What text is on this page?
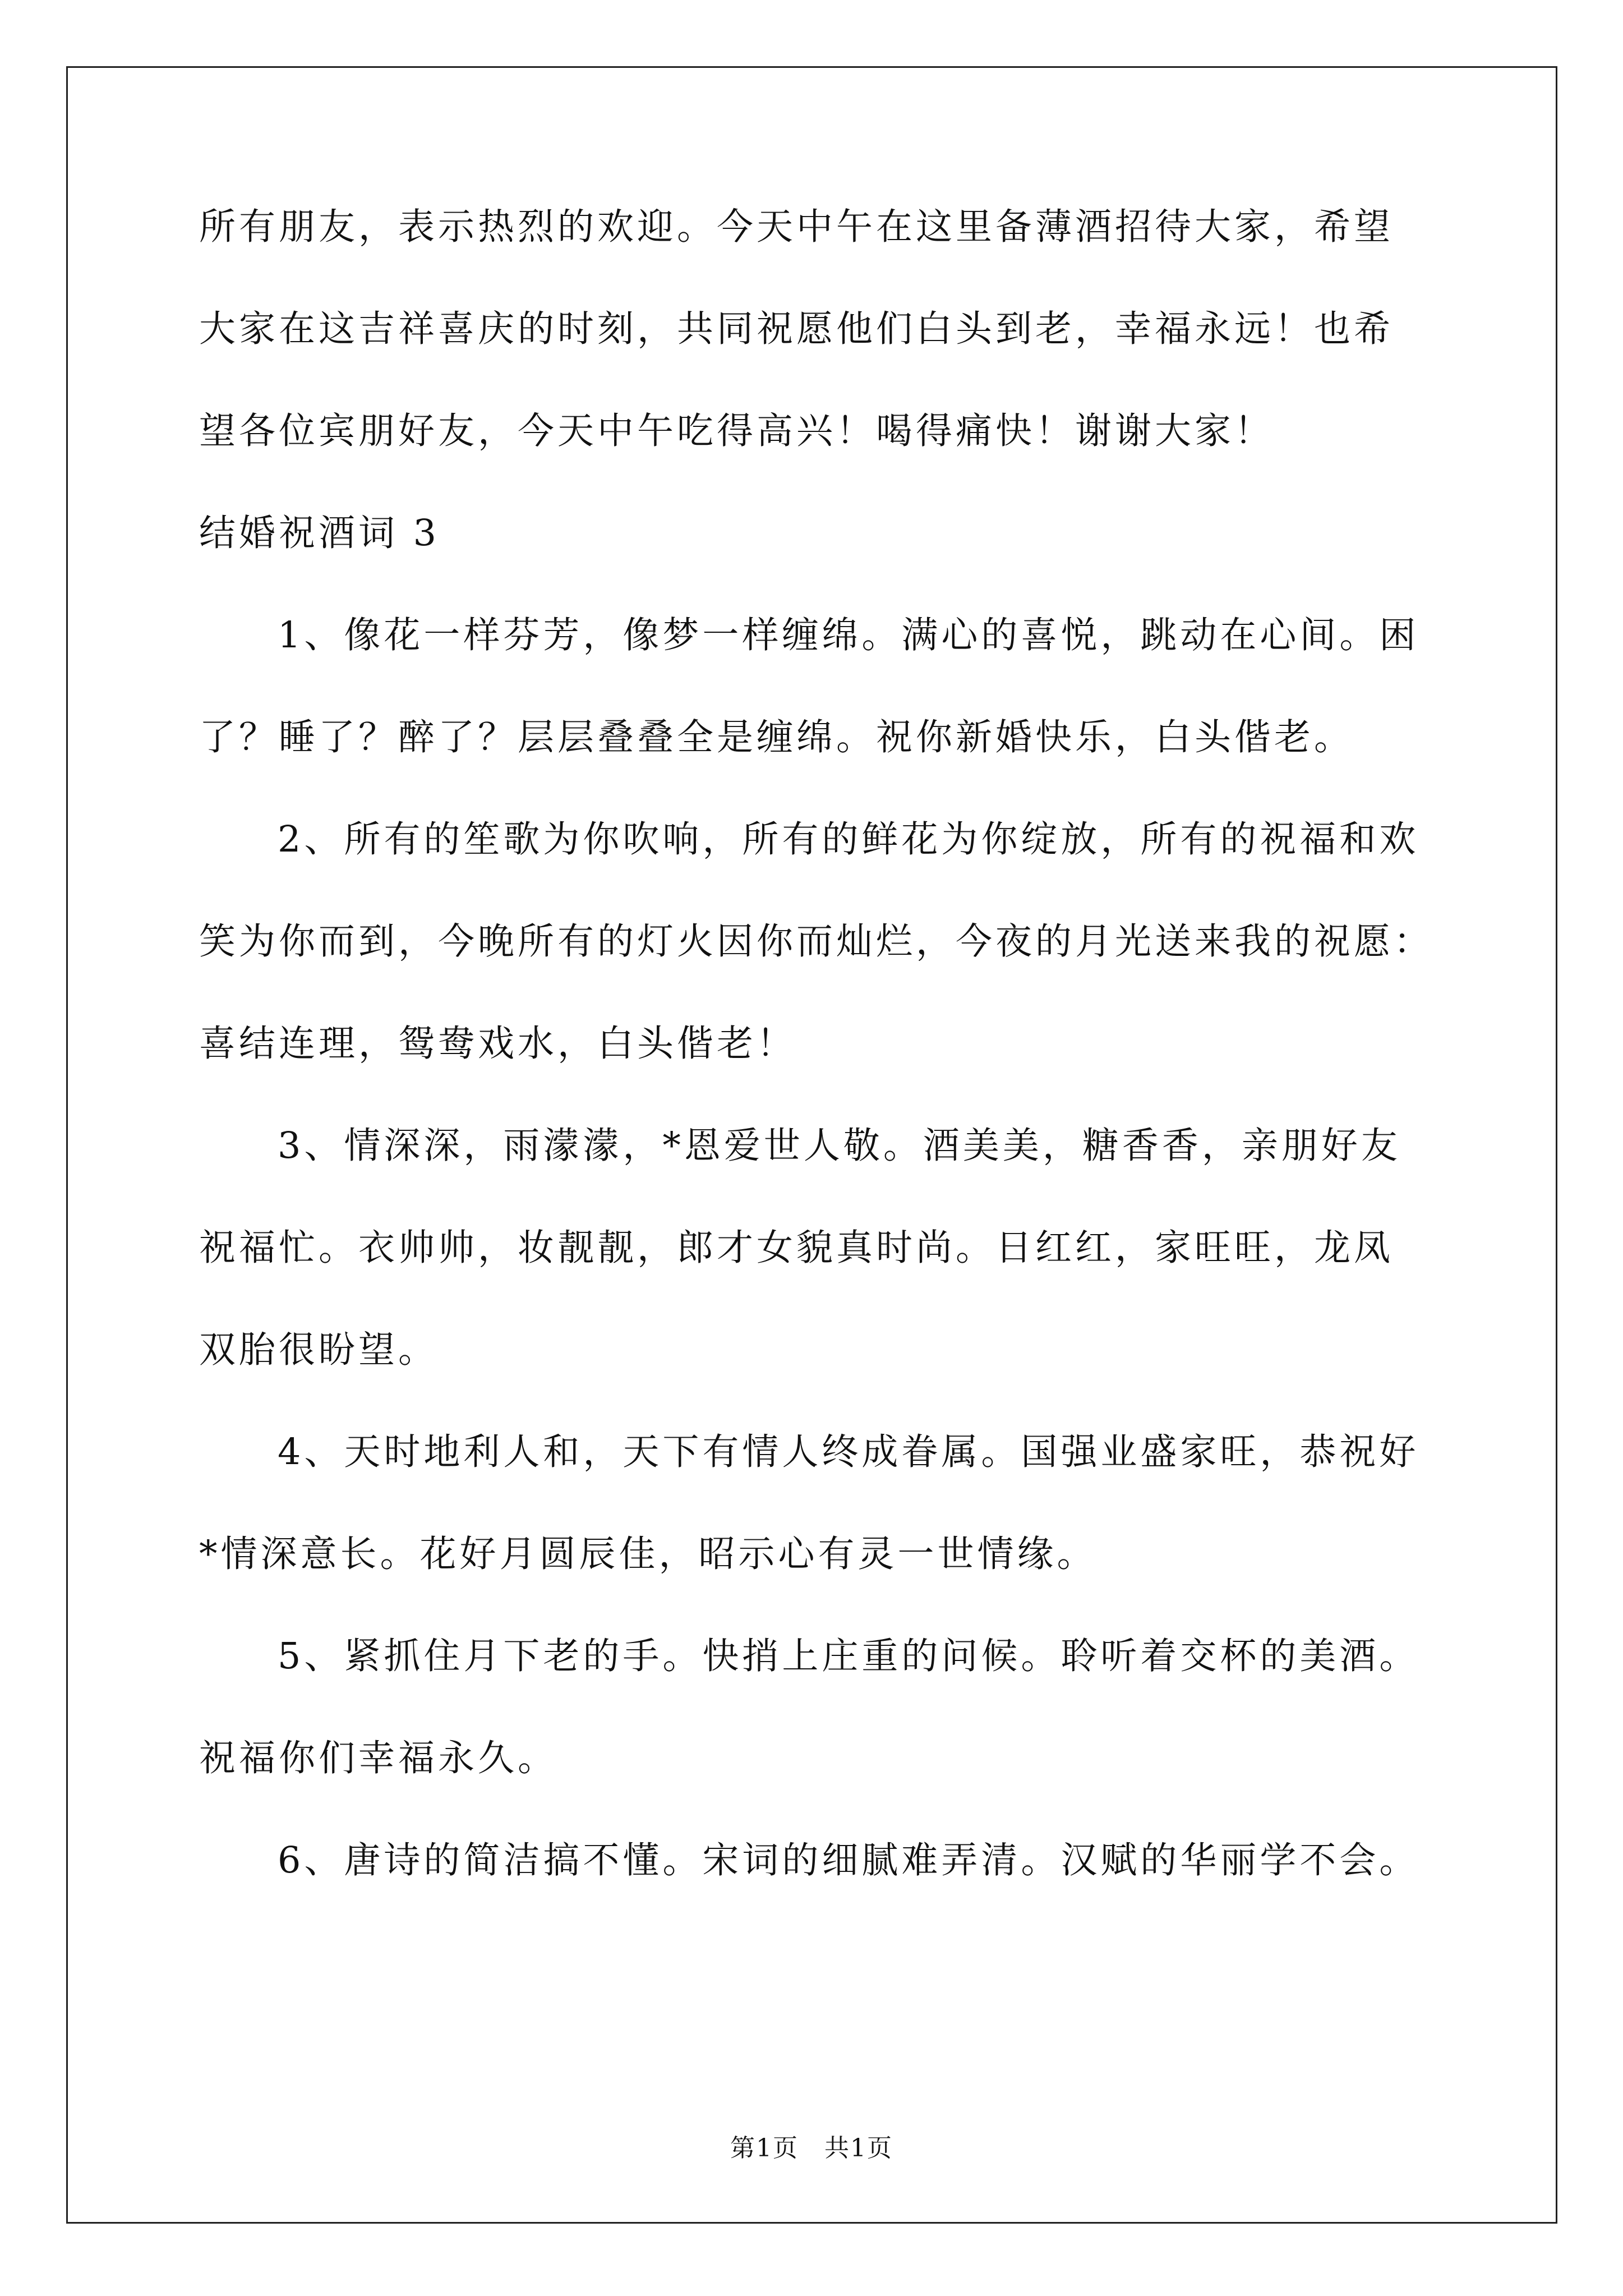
所有朋友，表示热烈的欢迎。今天中午在这里备薄酒招待大家，希望

大家在这吉祥喜庆的时刻，共同祝愿他们白头到老，幸福永远！也希

望各位宾朋好友，今天中午吃得高兴！喝得痛快！谢谢大家！

结婚祝酒词 3

1、像花一样芬芳，像梦一样缠绵。满心的喜悦，跳动在心间。困

了？睡了？醉了？层层叠叠全是缠绵。祝你新婚快乐，白头偕老。

2、所有的笙歌为你吹响，所有的鲜花为你绽放，所有的祝福和欢

笑为你而到，今晚所有的灯火因你而灿烂，今夜的月光送来我的祝愿：

喜结连理，鸳鸯戏水，白头偕老！

3、情深深，雨濛濛，*恩爱世人敬。酒美美，糖香香，亲朋好友

祝福忙。衣帅帅，妆靓靓，郎才女貌真时尚。日红红，家旺旺，龙凤

双胎很盼望。

4、天时地利人和，天下有情人终成眷属。国强业盛家旺，恭祝好

*情深意长。花好月圆辰佳，昭示心有灵一世情缘。

5、紧抓住月下老的手。快捎上庄重的问候。聆听着交杯的美酒。

祝福你们幸福永久。

6、唐诗的简洁搞不懂。宋词的细腻难弄清。汉赋的华丽学不会。

第1页　共1页
